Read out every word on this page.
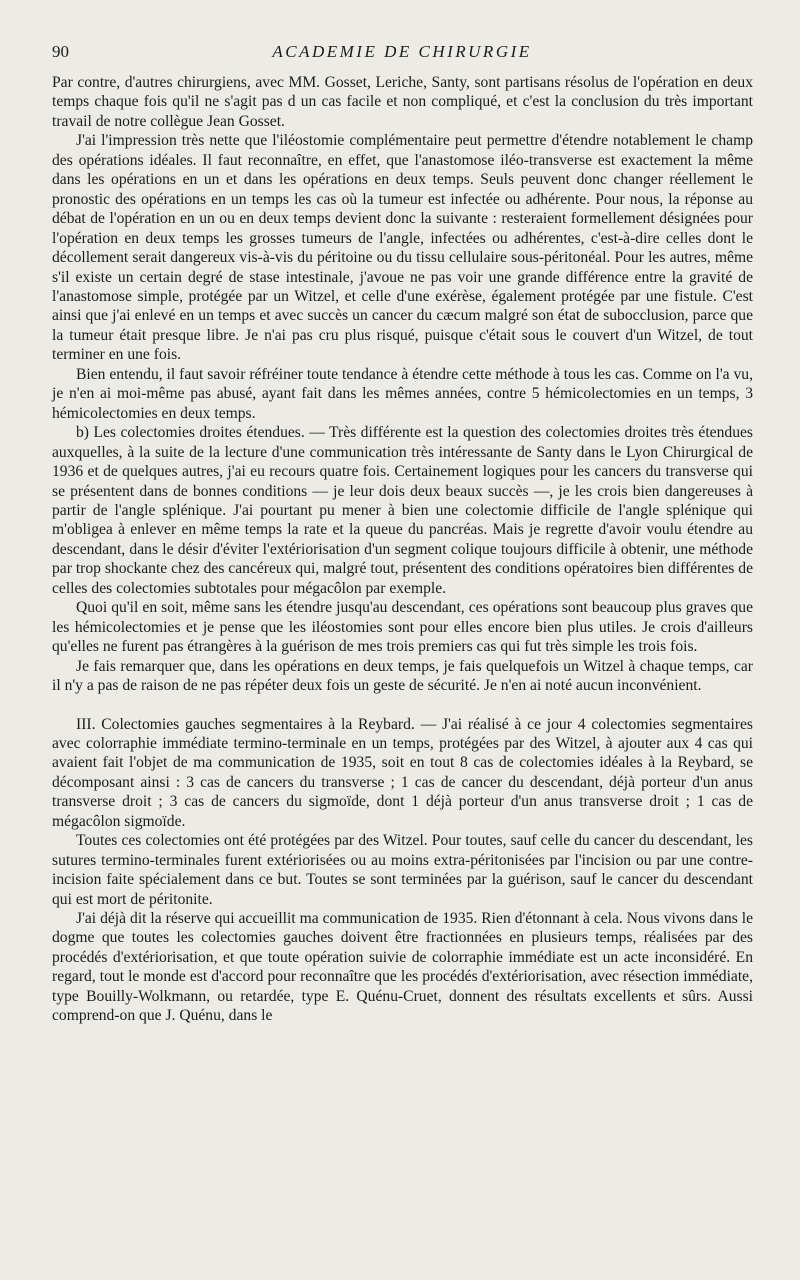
90	ACADEMIE DE CHIRURGIE

Par contre, d'autres chirurgiens, avec MM. Gosset, Leriche, Santy, sont partisans résolus de l'opération en deux temps chaque fois qu'il ne s'agit pas d un cas facile et non compliqué, et c'est la conclusion du très important travail de notre collègue Jean Gosset.

J'ai l'impression très nette que l'iléostomie complémentaire peut permettre d'étendre notablement le champ des opérations idéales. Il faut reconnaître, en effet, que l'anastomose iléo-transverse est exactement la même dans les opérations en un et dans les opérations en deux temps. Seuls peuvent donc changer réellement le pronostic des opérations en un temps les cas où la tumeur est infectée ou adhérente. Pour nous, la réponse au débat de l'opération en un ou en deux temps devient donc la suivante : resteraient formellement désignées pour l'opération en deux temps les grosses tumeurs de l'angle, infectées ou adhérentes, c'est-à-dire celles dont le décollement serait dangereux vis-à-vis du péritoine ou du tissu cellulaire sous-péritonéal. Pour les autres, même s'il existe un certain degré de stase intestinale, j'avoue ne pas voir une grande différence entre la gravité de l'anastomose simple, protégée par un Witzel, et celle d'une exérèse, également protégée par une fistule. C'est ainsi que j'ai enlevé en un temps et avec succès un cancer du cæcum malgré son état de subocclusion, parce que la tumeur était presque libre. Je n'ai pas cru plus risqué, puisque c'était sous le couvert d'un Witzel, de tout terminer en une fois.

Bien entendu, il faut savoir réfréiner toute tendance à étendre cette méthode à tous les cas. Comme on l'a vu, je n'en ai moi-même pas abusé, ayant fait dans les mêmes années, contre 5 hémicolectomies en un temps, 3 hémicolectomies en deux temps.

b) Les colectomies droites étendues. — Très différente est la question des colectomies droites très étendues auxquelles, à la suite de la lecture d'une communication très intéressante de Santy dans le Lyon Chirurgical de 1936 et de quelques autres, j'ai eu recours quatre fois. Certainement logiques pour les cancers du transverse qui se présentent dans de bonnes conditions — je leur dois deux beaux succès —, je les crois bien dangereuses à partir de l'angle splénique. J'ai pourtant pu mener à bien une colectomie difficile de l'angle splénique qui m'obligea à enlever en même temps la rate et la queue du pancréas. Mais je regrette d'avoir voulu étendre au descendant, dans le désir d'éviter l'extériorisation d'un segment colique toujours difficile à obtenir, une méthode par trop shockante chez des cancéreux qui, malgré tout, présentent des conditions opératoires bien différentes de celles des colectomies subtotales pour mégacôlon par exemple.

Quoi qu'il en soit, même sans les étendre jusqu'au descendant, ces opérations sont beaucoup plus graves que les hémicolectomies et je pense que les iléostomies sont pour elles encore bien plus utiles. Je crois d'ailleurs qu'elles ne furent pas étrangères à la guérison de mes trois premiers cas qui fut très simple les trois fois.

Je fais remarquer que, dans les opérations en deux temps, je fais quelquefois un Witzel à chaque temps, car il n'y a pas de raison de ne pas répéter deux fois un geste de sécurité. Je n'en ai noté aucun inconvénient.

III. Colectomies gauches segmentaires à la Reybard. — J'ai réalisé à ce jour 4 colectomies segmentaires avec colorraphie immédiate termino-terminale en un temps, protégées par des Witzel, à ajouter aux 4 cas qui avaient fait l'objet de ma communication de 1935, soit en tout 8 cas de colectomies idéales à la Reybard, se décomposant ainsi : 3 cas de cancers du transverse ; 1 cas de cancer du descendant, déjà porteur d'un anus transverse droit ; 3 cas de cancers du sigmoïde, dont 1 déjà porteur d'un anus transverse droit ; 1 cas de mégacôlon sigmoïde.

Toutes ces colectomies ont été protégées par des Witzel. Pour toutes, sauf celle du cancer du descendant, les sutures termino-terminales furent extériorisées ou au moins extra-péritonisées par l'incision ou par une contre-incision faite spécialement dans ce but. Toutes se sont terminées par la guérison, sauf le cancer du descendant qui est mort de péritonite.

J'ai déjà dit la réserve qui accueillit ma communication de 1935. Rien d'étonnant à cela. Nous vivons dans le dogme que toutes les colectomies gauches doivent être fractionnées en plusieurs temps, réalisées par des procédés d'extériorisation, et que toute opération suivie de colorraphie immédiate est un acte inconsidéré. En regard, tout le monde est d'accord pour reconnaître que les procédés d'extériorisation, avec résection immédiate, type Bouilly-Wolkmann, ou retardée, type E. Quénu-Cruet, donnent des résultats excellents et sûrs. Aussi comprend-on que J. Quénu, dans le
